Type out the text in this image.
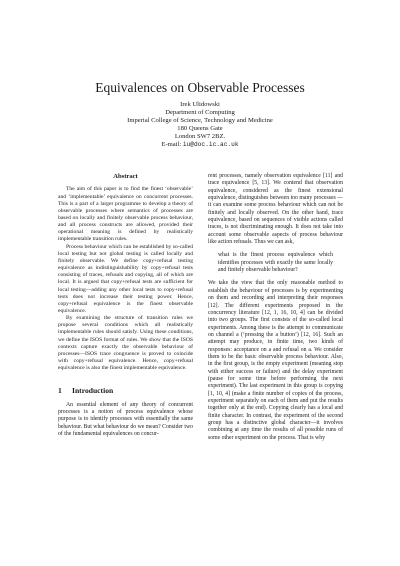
Equivalences on Observable Processes
Irek Ulidowski
Department of Computing
Imperial College of Science, Technology and Medicine
180 Queens Gate
London SW7 2BZ.
E-mail: iu@doc.ic.ac.uk
Abstract

The aim of this paper is to find the finest ‘observable’ and ‘implementable’ equivalence on concurrent processes. This is a part of a larger programme to develop a theory of observable processes where semantics of processes are based on locally and finitely observable process behaviour, and all process constructs are allowed, provided their operational meaning is defined by realistically implementable transition rules.

Process behaviour which can be established by so-called local testing but not global testing is called locally and finitely observable. We define copy+refusal testing equivalence as indistinguishability by copy+refusal tests consisting of traces, refusals and copying, all of which are local. It is argued that copy+refusal tests are sufficient for local testing—adding any other local tests to copy+refusal tests does not increase their testing power. Hence, copy+refusal equivalence is the finest observable equivalence.

By examining the structure of transition rules we propose several conditions which all realistically implementable rules should satisfy. Using these conditions, we define the ISOS format of rules. We show that the ISOS contexts capture exactly the observable behaviour of processes—ISOS trace congruence is proved to coincide with copy+refusal equivalence. Hence, copy+refusal equivalence is also the finest implementable equivalence.

1 Introduction

An essential element of any theory of concurrent processes is a notion of process equivalence whose purpose is to identify processes with essentially the same behaviour. But what behaviour do we mean? Consider two of the fundamental equivalences on concur-

rent processes, namely observation equivalence [11] and trace equivalence [5, 13]. We contend that observation equivalence, considered as the finest extensional equivalence, distinguishes between too many processes — it can examine some process behaviour which can not be finitely and locally observed. On the other hand, trace equivalence, based on sequences of visible actions called traces, is not discriminating enough. It does not take into account some observable aspects of process behaviour like action refusals. Thus we can ask,

what is the finest process equivalence which identifies processes with exactly the same locally and finitely observable behaviour?

We take the view that the only reasonable method to establish the behaviour of processes is by experimenting on them and recording and interpreting their responses [12]. The different experiments proposed in the concurrency literature [12, 1, 16, 10, 4] can be divided into two groups. The first consists of the so-called local experiments. Among these is the attempt to communicate on channel a (‘pressing the a button’) [12, 16]. Such an attempt may produce, in finite time, two kinds of responses: acceptance on a and refusal on a. We consider them to be the basic observable process behaviour. Also, in the first group, is the empty experiment (meaning stop with either success or failure) and the delay experiment (pause for some time before performing the next experiment). The last experiment in this group is copying [1, 10, 4] (make a finite number of copies of the process, experiment separately on each of them and put the results together only at the end). Copying clearly has a local and finite character. In contrast, the experiment of the second group has a distinctive global character—it involves combining at any time the results of all possible runs of some other experiment on the process. That is why
